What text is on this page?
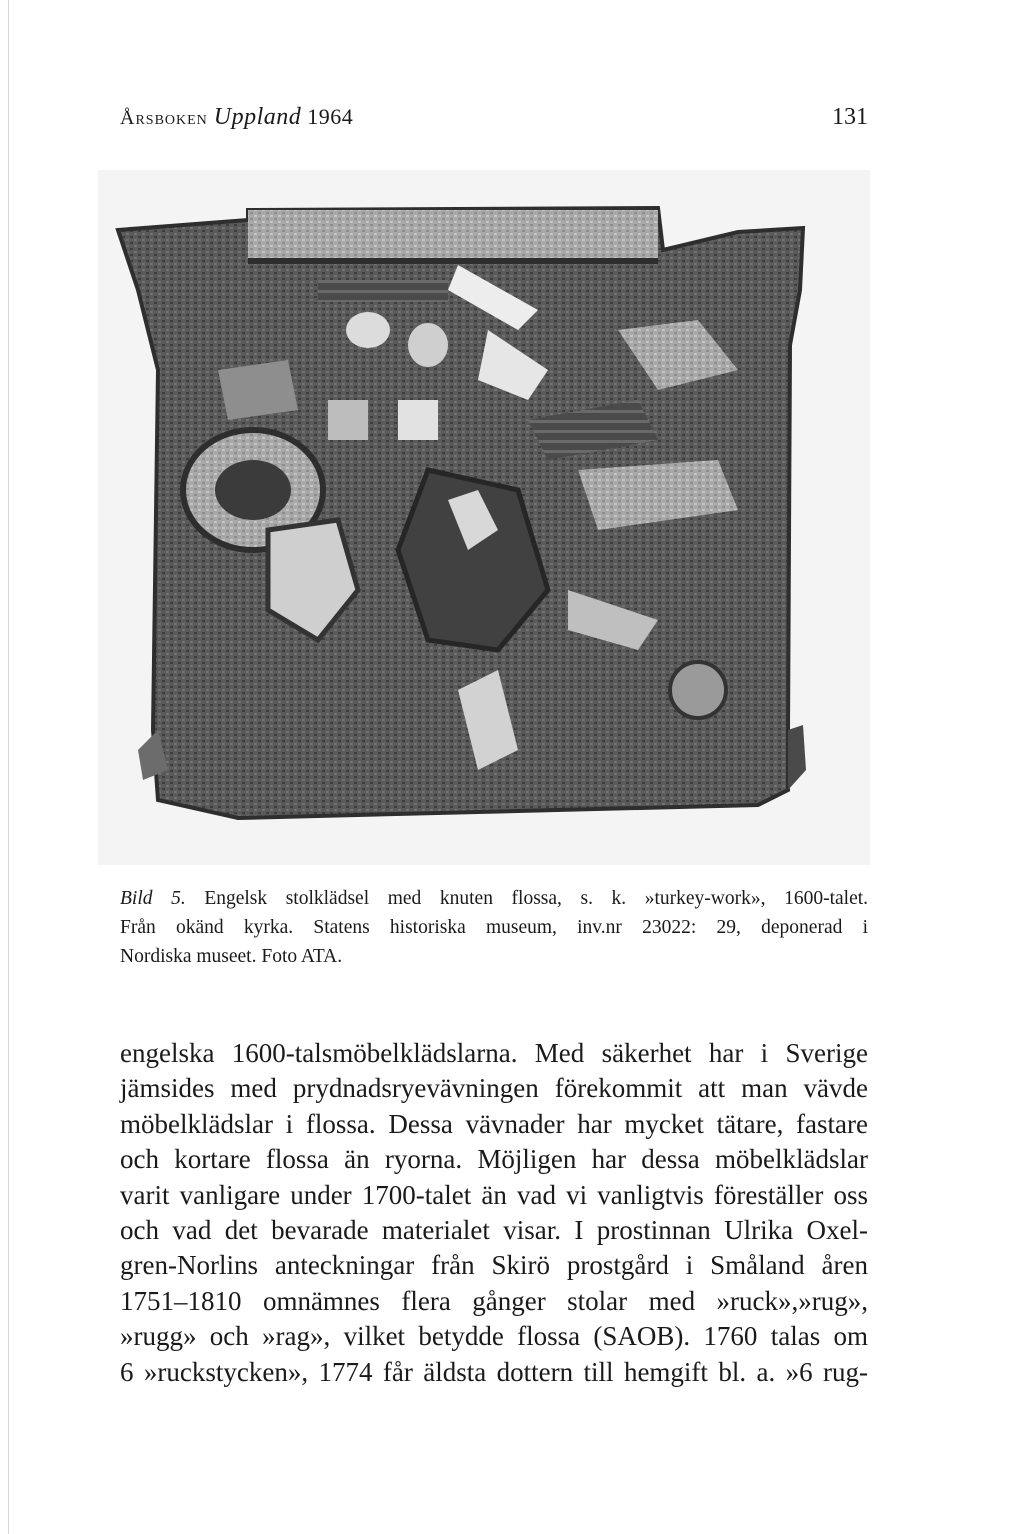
Årsboken Uppland 1964	131
Bild 5. Engelsk stolklädsel med knuten flossa, s. k. »turkey-work», 1600-talet.
Från okänd kyrka. Statens historiska museum, inv.nr 23022: 29, deponerad i
Nordiska museet. Foto ATA.
engelska 1600-talsmöbelklädslarna. Med säkerhet har i Sverige
jämsides med prydnadsryevävningen förekommit att man vävde
möbelklädslar i flossa. Dessa vävnader har mycket tätare, fastare
och kortare flossa än ryorna. Möjligen har dessa möbelklädslar
varit vanligare under 1700-talet än vad vi vanligtvis föreställer oss
och vad det bevarade materialet visar. I prostinnan Ulrika Oxel-
gren-Norlins anteckningar från Skirö prostgård i Småland åren
1751–1810 omnämnes flera gånger stolar med »ruck»,»rug»,
»rugg» och »rag», vilket betydde flossa (SAOB). 1760 talas om
6 »ruckstycken», 1774 får äldsta dottern till hemgift bl. a. »6 rug-
